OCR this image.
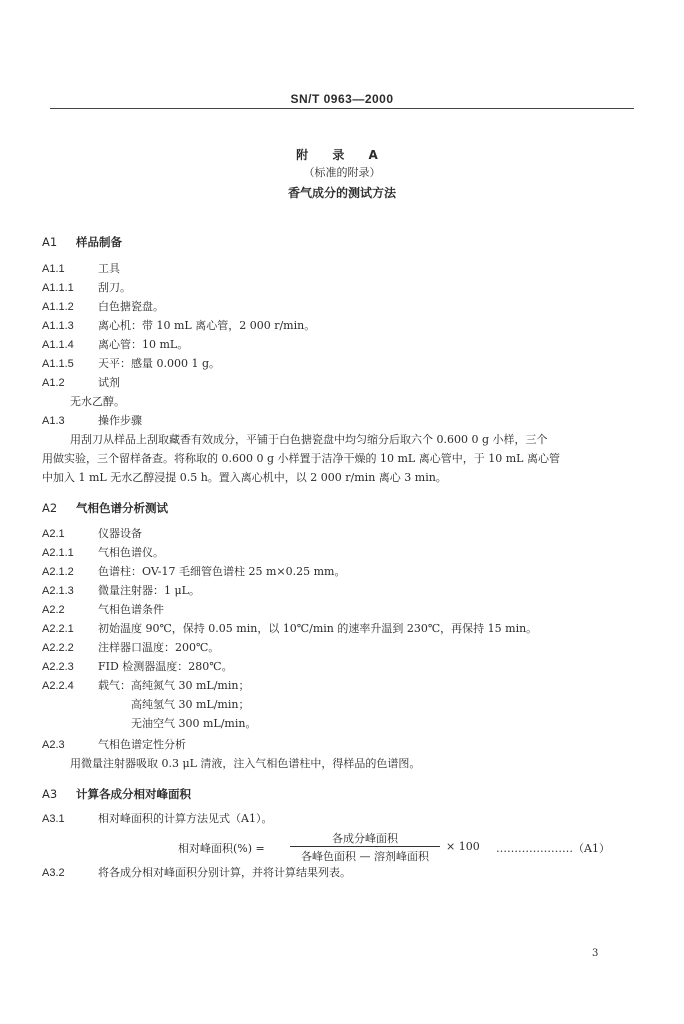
SN/T 0963—2000
附 录 A
（标准的附录）
香气成分的测试方法
A1 样品制备
A1.1	工具
A1.1.1 刮刀。
A1.1.2 白色搪瓷盘。
A1.1.3 离心机：带 10 mL 离心管，2 000 r/min。
A1.1.4 离心管：10 mL。
A1.1.5 天平：感量 0.000 1 g。
A1.2	试剂
无水乙醇。
A1.3	操作步骤
用刮刀从样品上刮取藏香有效成分，平铺于白色搪瓷盘中均匀缩分后取六个 0.600 0 g 小样，三个
用做实验，三个留样备查。将称取的 0.600 0 g 小样置于洁净干燥的 10 mL 离心管中，于 10 mL 离心管
中加入 1 mL 无水乙醇浸提 0.5 h。置入离心机中，以 2 000 r/min 离心 3 min。
A2 气相色谱分析测试
A2.1	仪器设备
A2.1.1 气相色谱仪。
A2.1.2 色谱柱：OV-17 毛细管色谱柱 25 m×0.25 mm。
A2.1.3 微量注射器：1 μL。
A2.2	气相色谱条件
A2.2.1 初始温度 90℃，保持 0.05 min，以 10℃/min 的速率升温到 230℃，再保持 15 min。
A2.2.2 注样器口温度：200℃。
A2.2.3 FID 检测器温度：280℃。
A2.2.4 载气：高纯氮气 30 mL/min；
高纯氢气 30 mL/min；
无油空气 300 mL/min。
A2.3	气相色谱定性分析
用微量注射器吸取 0.3 μL 清液，注入气相色谱柱中，得样品的色谱图。
A3 计算各成分相对峰面积
A3.1	相对峰面积的计算方法见式（A1）。
相对峰面积(%) =
各成分峰面积
各峰色面积 — 溶剂峰面积
× 100 …………………（A1）
A3.2	将各成分相对峰面积分别计算，并将计算结果列表。
3
